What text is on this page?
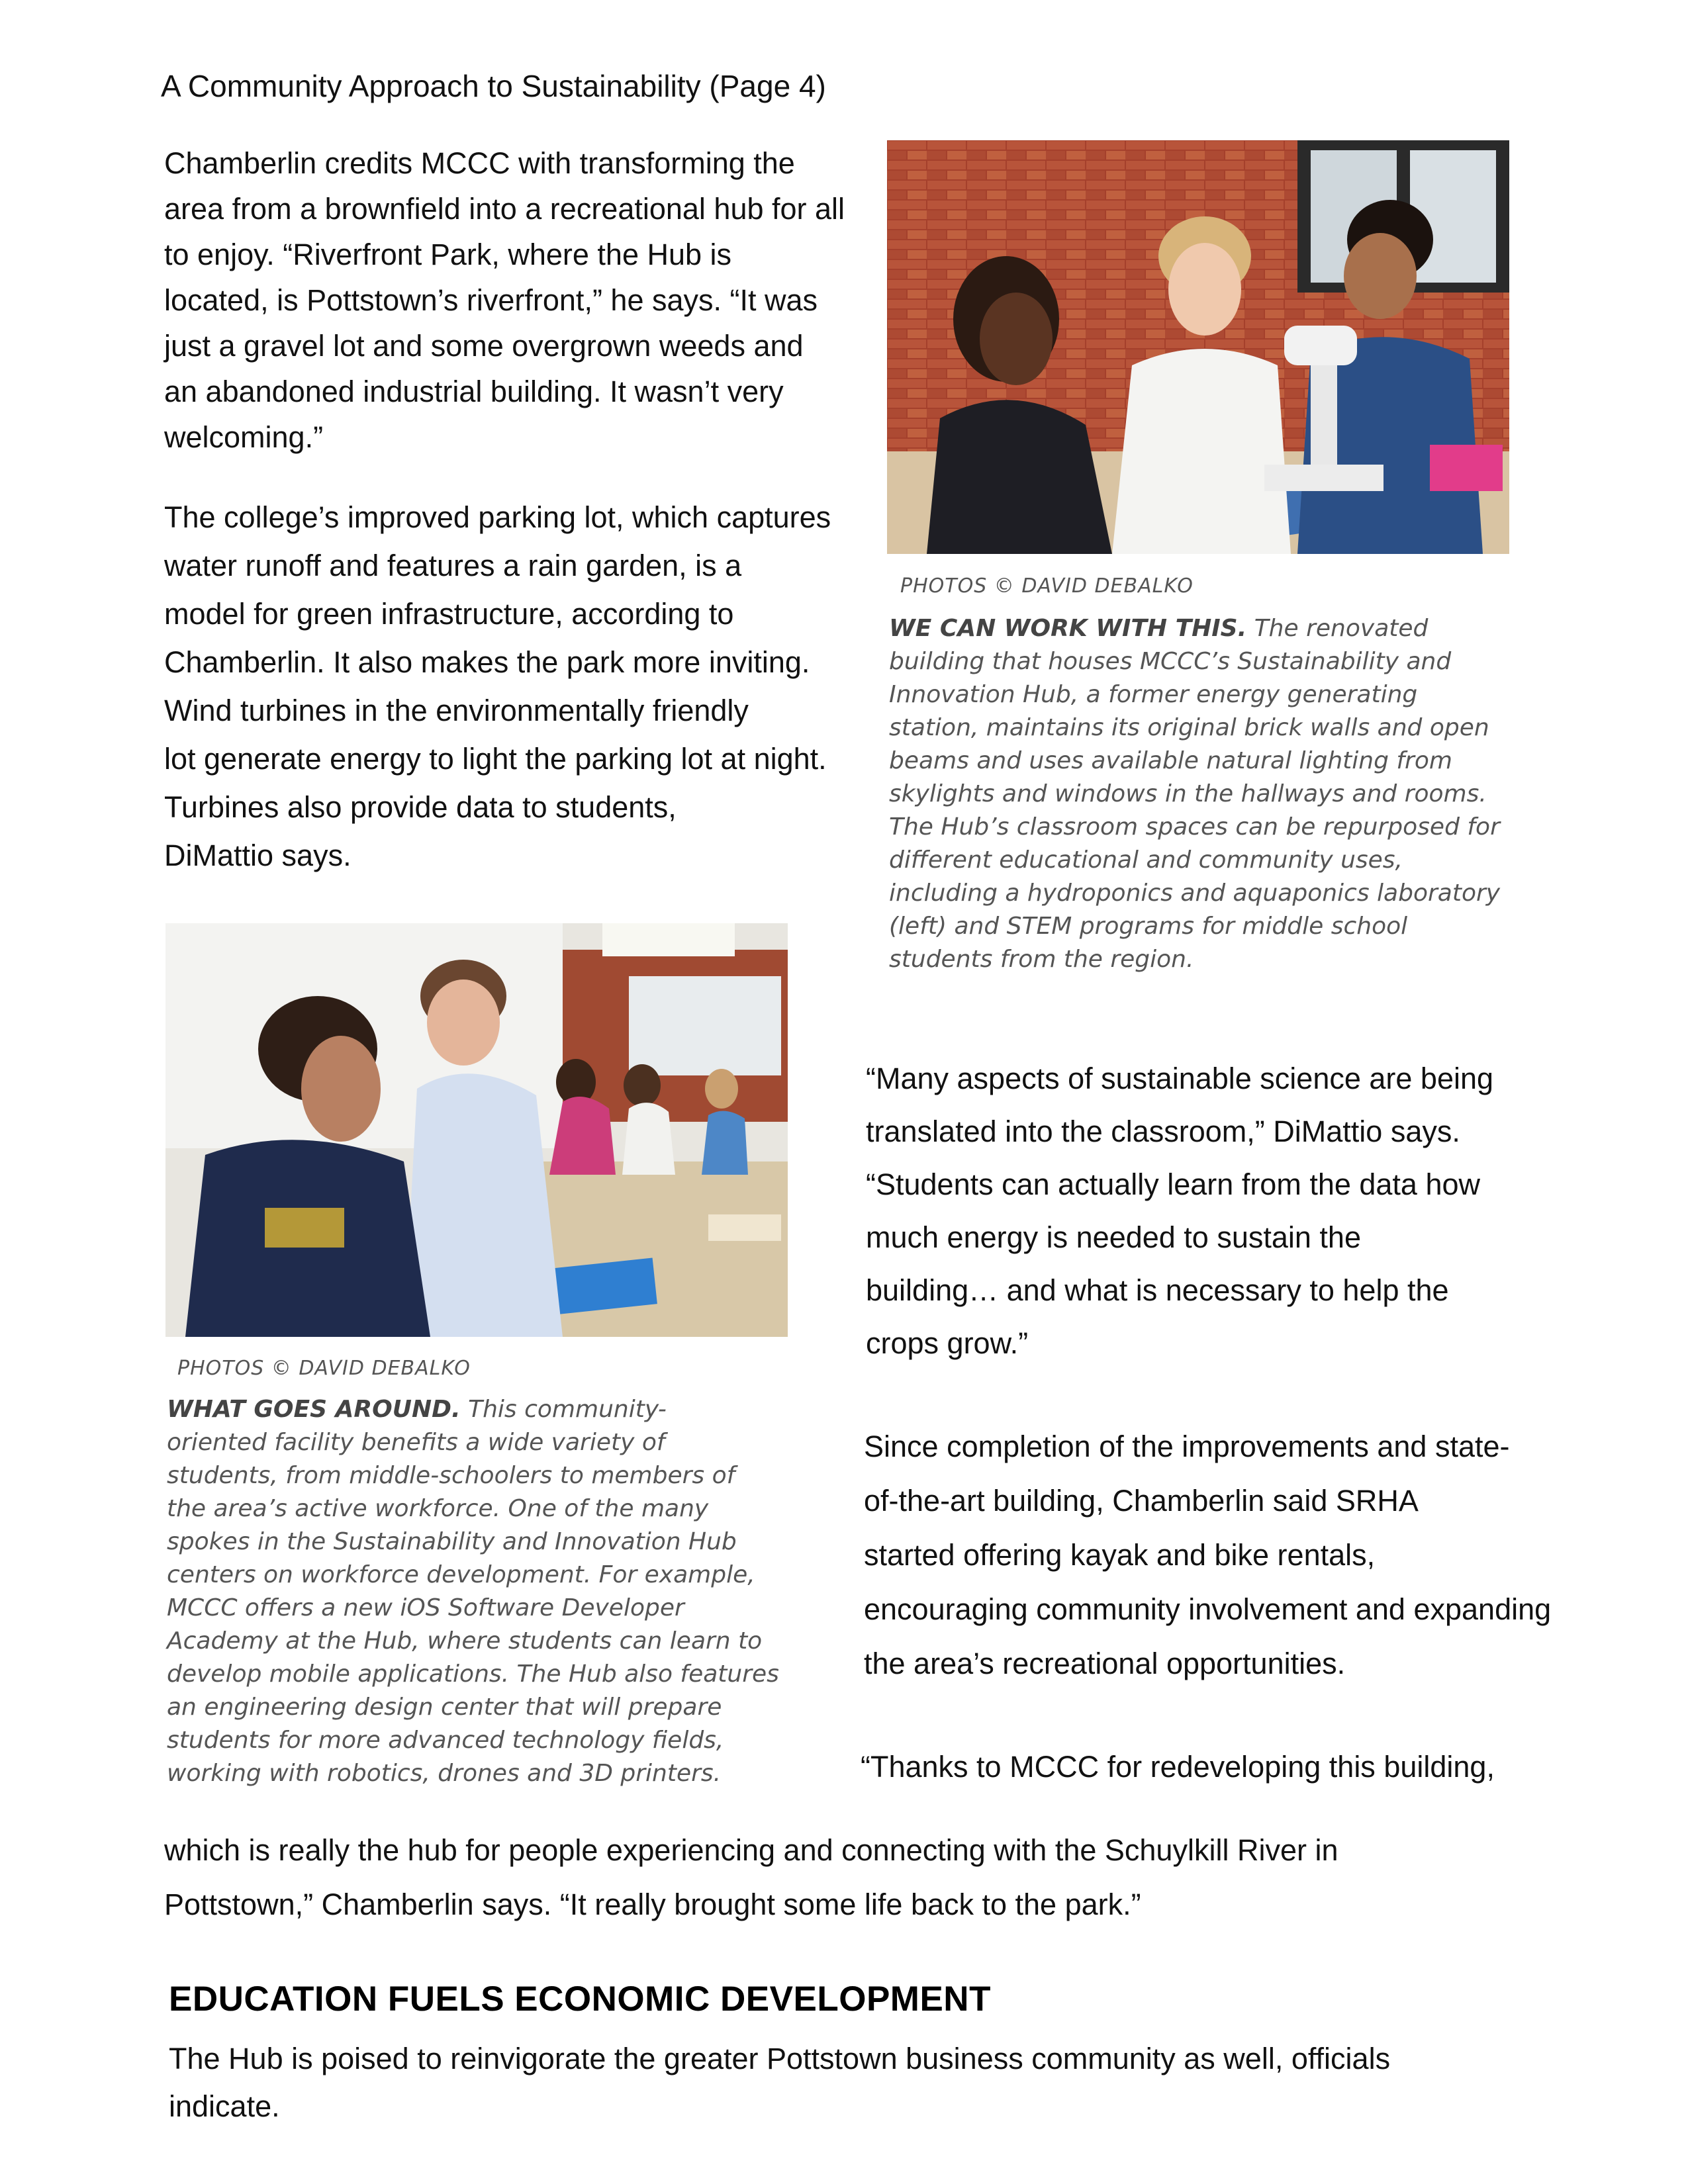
A Community Approach to Sustainability (Page 4)
Chamberlin credits MCCC with transforming the
area from a brownfield into a recreational hub for all
to enjoy. “Riverfront Park, where the Hub is
located, is Pottstown’s riverfront,” he says. “It was
just a gravel lot and some overgrown weeds and
an abandoned industrial building. It wasn’t very
welcoming.”
The college’s improved parking lot, which captures
water runoff and features a rain garden, is a
model for green infrastructure, according to
Chamberlin. It also makes the park more inviting.
Wind turbines in the environmentally friendly
lot generate energy to light the parking lot at night.
Turbines also provide data to students,
DiMattio says.
PHOTOS © DAVID DEBALKO
WE CAN WORK WITH THIS. The renovated

building that houses MCCC’s Sustainability and
Innovation Hub, a former energy generating
station, maintains its original brick walls and open
beams and uses available natural lighting from
skylights and windows in the hallways and rooms.
The Hub’s classroom spaces can be repurposed for
different educational and community uses,
including a hydroponics and aquaponics laboratory
(left) and STEM programs for middle school
students from the region.
PHOTOS © DAVID DEBALKO
WHAT GOES AROUND. This community-

oriented facility benefits a wide variety of
students, from middle-schoolers to members of
the area’s active workforce. One of the many
spokes in the Sustainability and Innovation Hub
centers on workforce development. For example,
MCCC offers a new iOS Software Developer
Academy at the Hub, where students can learn to
develop mobile applications. The Hub also features
an engineering design center that will prepare
students for more advanced technology fields,
working with robotics, drones and 3D printers.
“Many aspects of sustainable science are being
translated into the classroom,” DiMattio says.
“Students can actually learn from the data how
much energy is needed to sustain the
building… and what is necessary to help the
crops grow.”
Since completion of the improvements and state-
of-the-art building, Chamberlin said SRHA
started offering kayak and bike rentals,
encouraging community involvement and expanding
the area’s recreational opportunities.
“Thanks to MCCC for redeveloping this building,
which is really the hub for people experiencing and connecting with the Schuylkill River in
Pottstown,” Chamberlin says. “It really brought some life back to the park.”
EDUCATION FUELS ECONOMIC DEVELOPMENT
The Hub is poised to reinvigorate the greater Pottstown business community as well, officials
indicate.
